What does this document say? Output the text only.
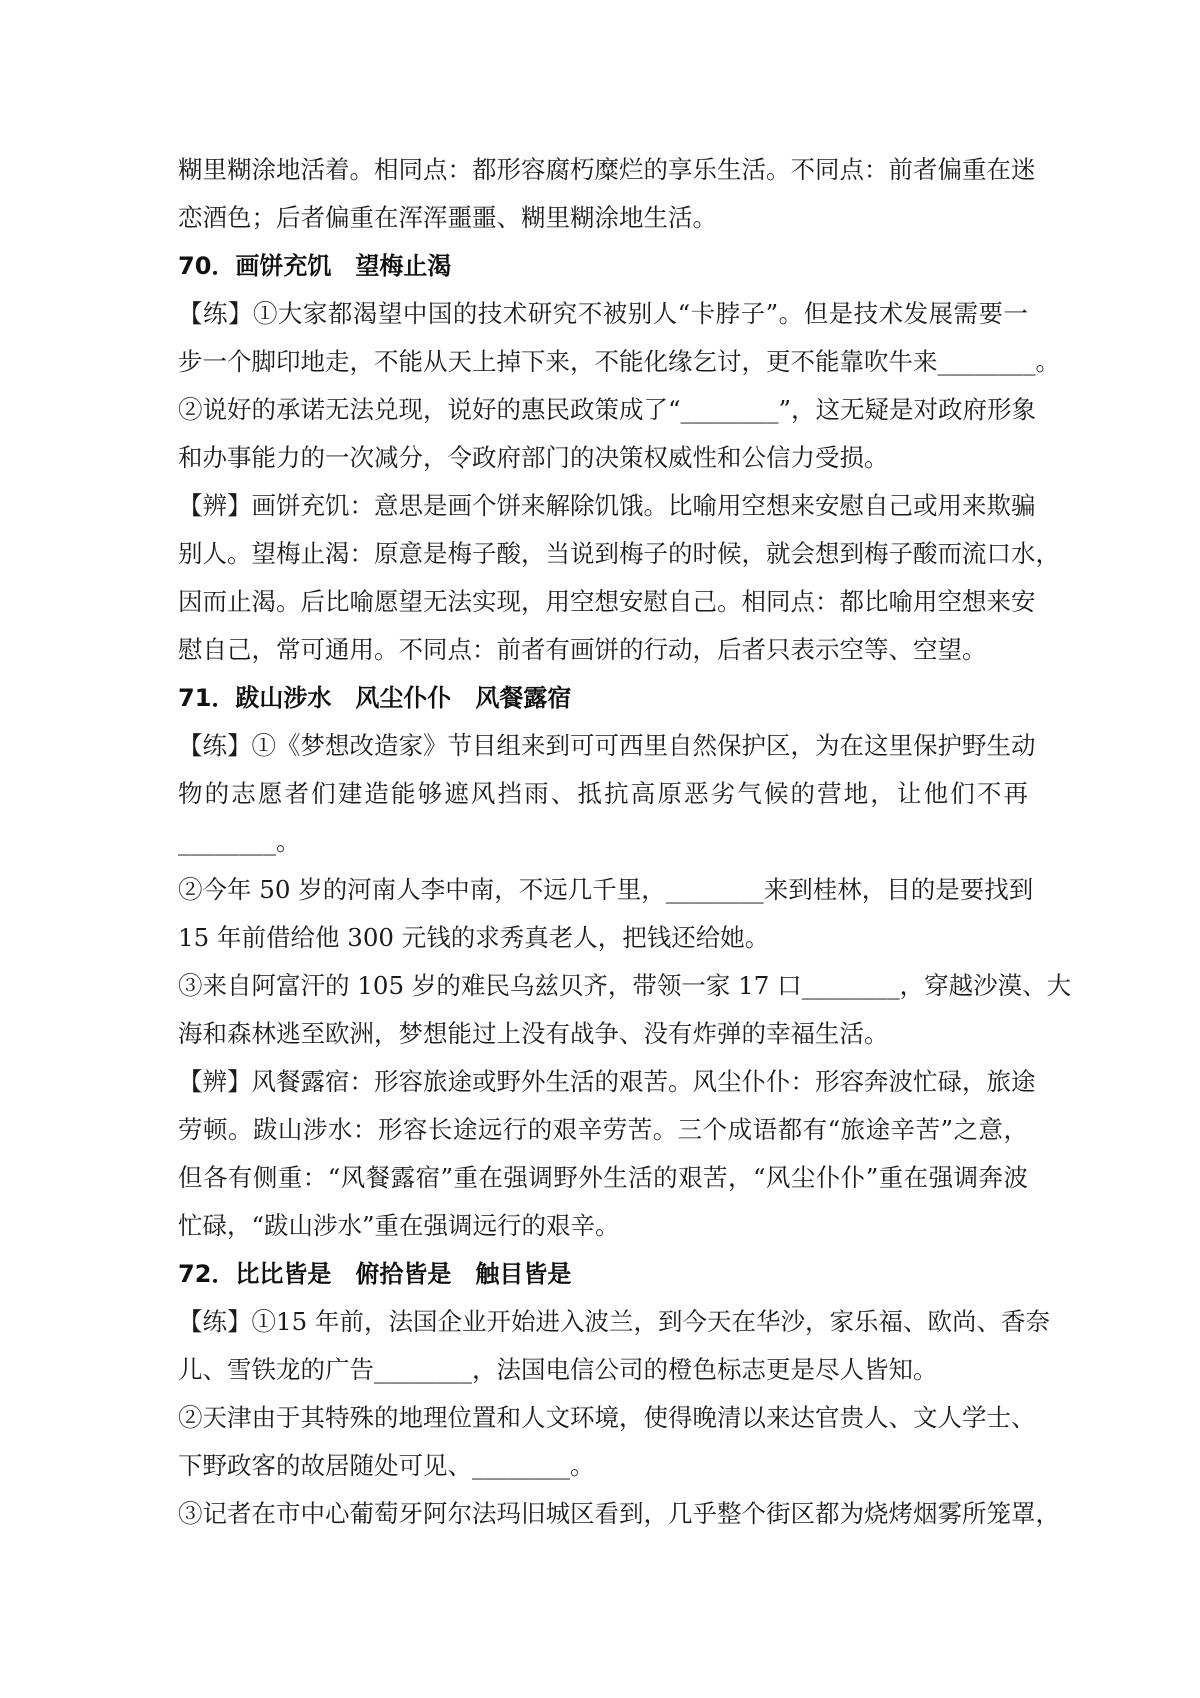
糊里糊涂地活着。相同点：都形容腐朽糜烂的享乐生活。不同点：前者偏重在迷
恋酒色；后者偏重在浑浑噩噩、糊里糊涂地生活。
70．画饼充饥　望梅止渴
【练】①大家都渴望中国的技术研究不被别人“卡脖子”。但是技术发展需要一
步一个脚印地走，不能从天上掉下来，不能化缘乞讨，更不能靠吹牛来________。
②说好的承诺无法兑现，说好的惠民政策成了“________”，这无疑是对政府形象
和办事能力的一次减分，令政府部门的决策权威性和公信力受损。
【辨】画饼充饥：意思是画个饼来解除饥饿。比喻用空想来安慰自己或用来欺骗
别人。望梅止渴：原意是梅子酸，当说到梅子的时候，就会想到梅子酸而流口水，
因而止渴。后比喻愿望无法实现，用空想安慰自己。相同点：都比喻用空想来安
慰自己，常可通用。不同点：前者有画饼的行动，后者只表示空等、空望。
71．跋山涉水　风尘仆仆　风餐露宿
【练】①《梦想改造家》节目组来到可可西里自然保护区，为在这里保护野生动
物的志愿者们建造能够遮风挡雨、抵抗高原恶劣气候的营地，让他们不再
________。
②今年 50 岁的河南人李中南，不远几千里，________来到桂林，目的是要找到
15 年前借给他 300 元钱的求秀真老人，把钱还给她。
③来自阿富汗的 105 岁的难民乌兹贝齐，带领一家 17 口________，穿越沙漠、大
海和森林逃至欧洲，梦想能过上没有战争、没有炸弹的幸福生活。
【辨】风餐露宿：形容旅途或野外生活的艰苦。风尘仆仆：形容奔波忙碌，旅途
劳顿。跋山涉水：形容长途远行的艰辛劳苦。三个成语都有“旅途辛苦”之意，
但各有侧重：“风餐露宿”重在强调野外生活的艰苦，“风尘仆仆”重在强调奔波
忙碌，“跋山涉水”重在强调远行的艰辛。
72．比比皆是　俯拾皆是　触目皆是
【练】①15 年前，法国企业开始进入波兰，到今天在华沙，家乐福、欧尚、香奈
儿、雪铁龙的广告________，法国电信公司的橙色标志更是尽人皆知。
②天津由于其特殊的地理位置和人文环境，使得晚清以来达官贵人、文人学士、
下野政客的故居随处可见、________。
③记者在市中心葡萄牙阿尔法玛旧城区看到，几乎整个街区都为烧烤烟雾所笼罩，
